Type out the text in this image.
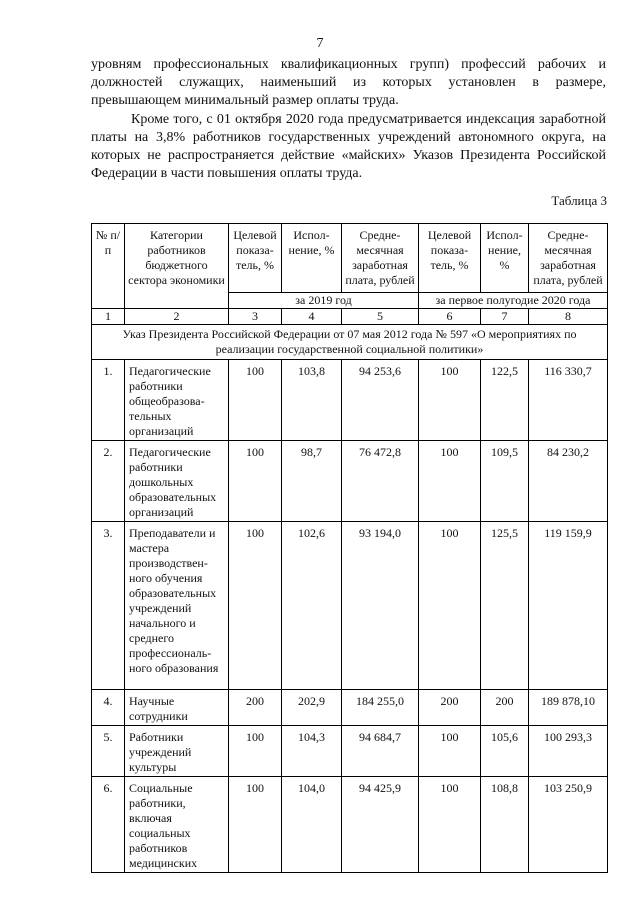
7

уровням профессиональных квалификационных групп) профессий рабочих и должностей служащих, наименьший из которых установлен в размере, превышающем минимальный размер оплаты труда.

Кроме того, с 01 октября 2020 года предусматривается индексация заработной платы на 3,8% работников государственных учреждений автономного округа, на которых не распространяется действие «майских» Указов Президента Российской Федерации в части повышения оплаты труда.

Таблица 3
№ п/п	Категории работников бюджетного сектора экономики	Целевой показа-тель, %	Испол-нение, %	Средне-месячная заработная плата, рублей	Целевой показа-тель, %	Испол-нение, %	Средне-месячная заработная плата, рублей
		за 2019 год			за первое полугодие 2020 года		
1	2	3	4	5	6	7	8
Указ Президента Российской Федерации от 07 мая 2012 года № 597 «О мероприятиях по реализации государственной социальной политики»							
1.	Педагогические работники общеобразова-тельных организаций	100	103,8	94 253,6	100	122,5	116 330,7
2.	Педагогические работники дошкольных образовательных организаций	100	98,7	76 472,8	100	109,5	84 230,2
3.	Преподаватели и мастера производствен-ного обучения образовательных учреждений начального и среднего профессиональ-ного образования	100	102,6	93 194,0	100	125,5	119 159,9
4.	Научные сотрудники	200	202,9	184 255,0	200	200	189 878,10
5.	Работники учреждений культуры	100	104,3	94 684,7	100	105,6	100 293,3
6.	Социальные работники, включая социальных работников медицинских	100	104,0	94 425,9	100	108,8	103 250,9
